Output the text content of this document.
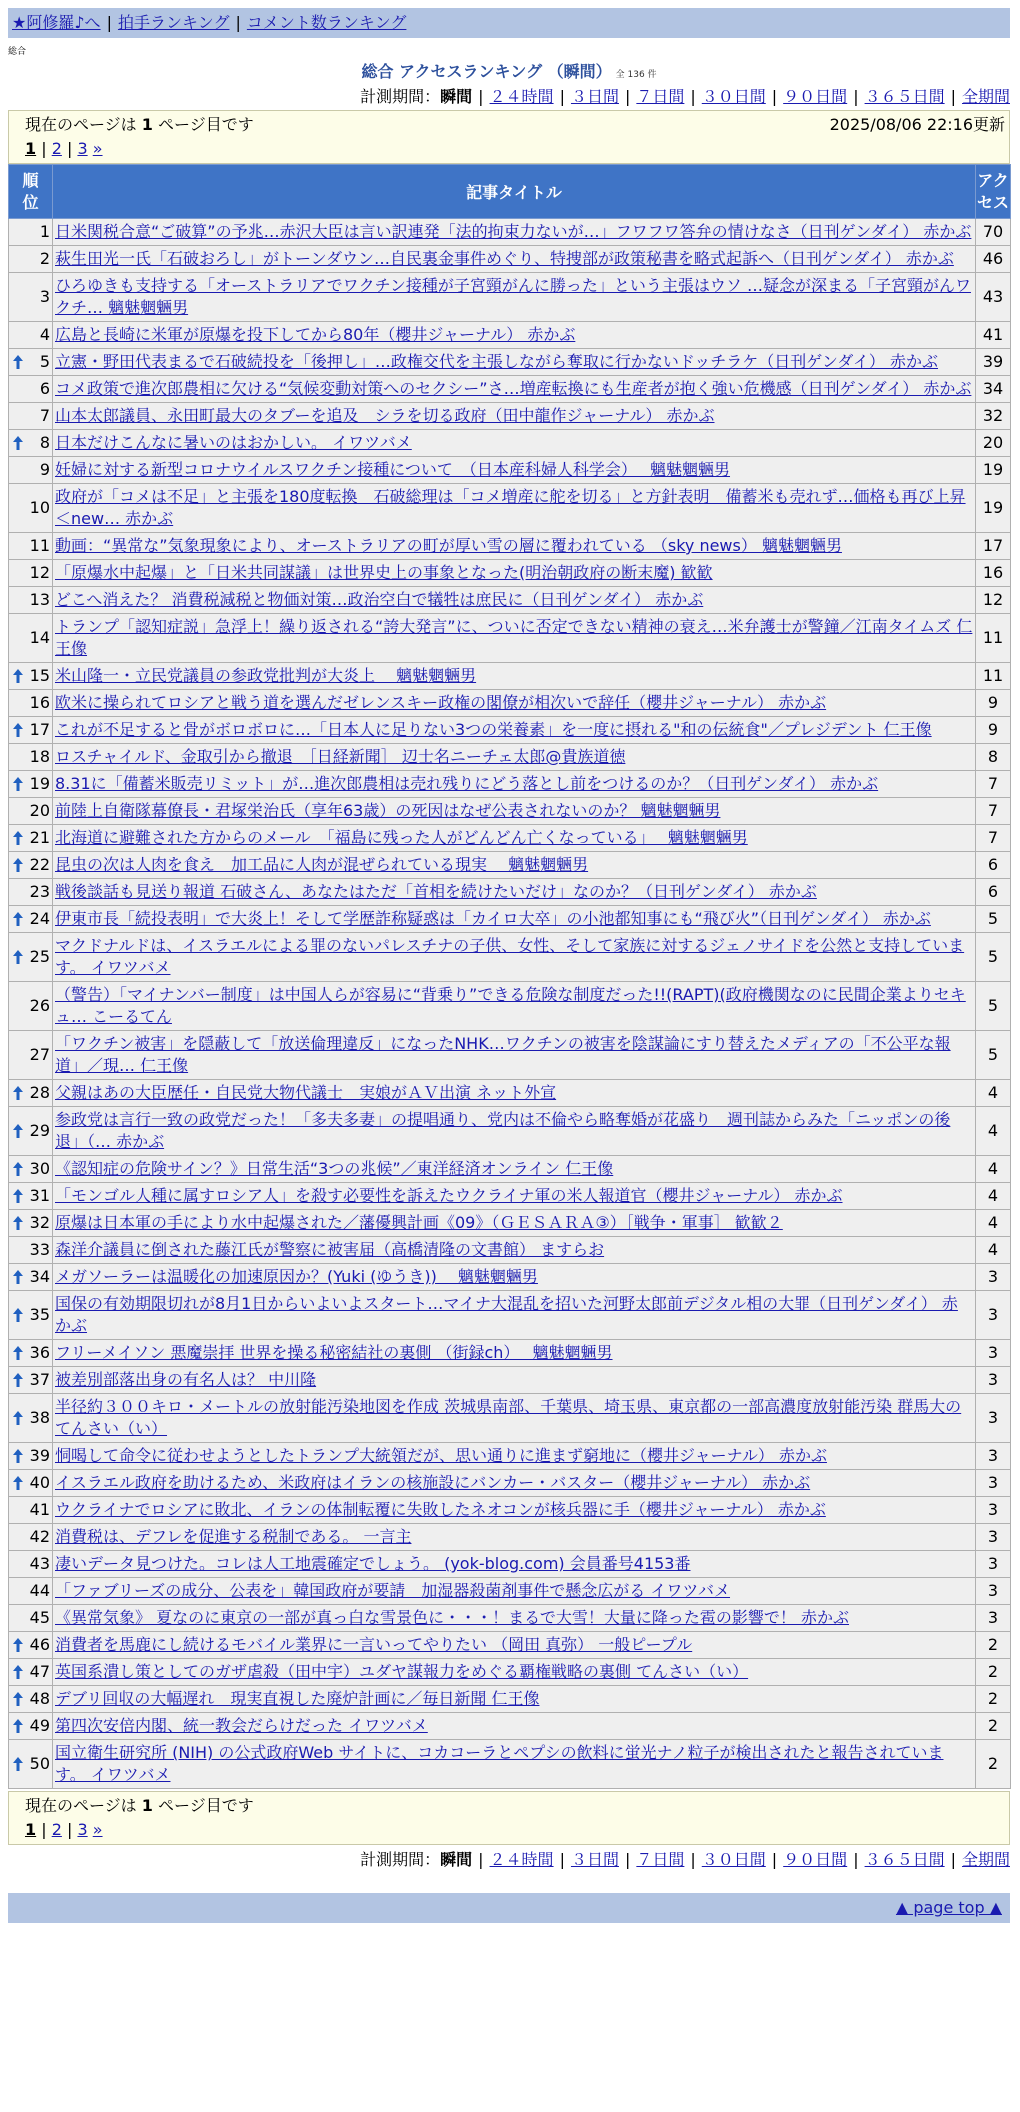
★阿修羅♪へ | 拍手ランキング | コメント数ランキング
総合
総合 アクセスランキング （瞬間） 全 136 件
計測期間：瞬間 | ２４時間 | ３日間 | ７日間 | ３０日間 | ９０日間 | ３６５日間 | 全期間
現在のページは 1 ページ目です	2025/08/06 22:16更新
1 | 2 | 3 »
順位	記事タイトル	アクセス
1	日米関税合意“ご破算”の予兆…赤沢大臣は言い訳連発「法的拘束力ないが…」フワフワ答弁の情けなさ（日刊ゲンダイ） 赤かぶ	70
2	萩生田光一氏「石破おろし」がトーンダウン…自民裏金事件めぐり、特捜部が政策秘書を略式起訴へ（日刊ゲンダイ） 赤かぶ	46
3	ひろゆきも支持する「オーストラリアでワクチン接種が子宮頸がんに勝った」という主張はウソ …疑念が深まる「子宮頸がんワクチ… 魑魅魍魎男	43
4	広島と長崎に米軍が原爆を投下してから80年（櫻井ジャーナル） 赤かぶ	41

5	立憲・野田代表まるで石破続投を「後押し」…政権交代を主張しながら奪取に行かないドッチラケ（日刊ゲンダイ） 赤かぶ	39
6	コメ政策で進次郎農相に欠ける“気候変動対策へのセクシー”さ…増産転換にも生産者が抱く強い危機感（日刊ゲンダイ） 赤かぶ	34
7	山本太郎議員、永田町最大のタブーを追及　シラを切る政府（田中龍作ジャーナル） 赤かぶ	32

8	日本だけこんなに暑いのはおかしい。 イワツバメ	20
9	妊婦に対する新型コロナウイルスワクチン接種について　（日本産科婦人科学会）　 魑魅魍魎男	19
10	政府が「コメは不足」と主張を180度転換　石破総理は「コメ増産に舵を切る」と方針表明　備蓄米も売れず…価格も再び上昇＜new… 赤かぶ	19
11	動画：“異常な”気象現象により、オーストラリアの町が厚い雪の層に覆われている （sky news） 魑魅魍魎男	17
12	「原爆水中起爆」と「日米共同謀議」は世界史上の事象となった(明治朝政府の断末魔) 歓歓	16
13	どこへ消えた？ 消費税減税と物価対策…政治空白で犠牲は庶民に（日刊ゲンダイ） 赤かぶ	12
14	トランプ「認知症説」急浮上！繰り返される“誇大発言”に、ついに否定できない精神の衰え…米弁護士が警鐘／江南タイムズ 仁王像	11

15	米山隆一・立民党議員の参政党批判が大炎上　 魑魅魍魎男	11
16	欧米に操られてロシアと戦う道を選んだゼレンスキー政権の閣僚が相次いで辞任（櫻井ジャーナル） 赤かぶ	9

17	これが不足すると骨がボロボロに…「日本人に足りない3つの栄養素」を一度に摂れる"和の伝統食"／プレジデント 仁王像	9
18	ロスチャイルド、金取引から撤退　［日経新聞］ 辺士名ニーチェ太郎@貴族道徳	8

19	8.31に「備蓄米販売リミット」が…進次郎農相は売れ残りにどう落とし前をつけるのか？（日刊ゲンダイ） 赤かぶ	7
20	前陸上自衛隊幕僚長・君塚栄治氏（享年63歳）の死因はなぜ公表されないのか？ 魑魅魍魎男	7

21	北海道に避難された方からのメール　「福島に残った人がどんどん亡くなっている」　 魑魅魍魎男	7

22	昆虫の次は人肉を食え　加工品に人肉が混ぜられている現実　 魑魅魍魎男	6
23	戦後談話も見送り報道 石破さん、あなたはただ「首相を続けたいだけ」なのか？（日刊ゲンダイ） 赤かぶ	6

24	伊東市長「続投表明」で大炎上！そして学歴詐称疑惑は「カイロ大卒」の小池都知事にも“飛び火”（日刊ゲンダイ） 赤かぶ	5

25	マクドナルドは、イスラエルによる罪のないパレスチナの子供、女性、そして家族に対するジェノサイドを公然と支持しています。 イワツバメ	5
26	（警告）「マイナンバー制度」は中国人らが容易に“背乗り”できる危険な制度だった!!(RAPT)(政府機関なのに民間企業よりセキュ… こーるてん	5
27	「ワクチン被害」を隠蔽して「放送倫理違反」になったNHK…ワクチンの被害を陰謀論にすり替えたメディアの「不公平な報道」／現… 仁王像	5

28	父親はあの大臣歴任・自民党大物代議士　実娘がＡＶ出演 ネット外宣	4

29	参政党は言行一致の政党だった！「多夫多妻」の提唱通り、党内は不倫やら略奪婚が花盛り　週刊誌からみた「ニッポンの後退」（… 赤かぶ	4

30	《認知症の危険サイン？》日常生活“3つの兆候”／東洋経済オンライン 仁王像	4

31	「モンゴル人種に属すロシア人」を殺す必要性を訴えたウクライナ軍の米人報道官（櫻井ジャーナル） 赤かぶ	4

32	原爆は日本軍の手により水中起爆された／藩優興計画《09》（ＧＥＳＡＲＡ③）［戦争・軍事］ 歓歓２	4
33	森洋介議員に倒された藤江氏が警察に被害届（高橋清隆の文書館） ますらお	4

34	メガソーラーは温暖化の加速原因か？(Yuki (ゆうき))　 魑魅魍魎男	3

35	国保の有効期限切れが8月1日からいよいよスタート…マイナ大混乱を招いた河野太郎前デジタル相の大罪（日刊ゲンダイ） 赤かぶ	3

36	フリーメイソン 悪魔崇拝 世界を操る秘密結社の裏側 （街録ch）　 魑魅魍魎男	3

37	被差別部落出身の有名人は？ 中川隆	3

38	半径約３００キロ・メートルの放射能汚染地図を作成 茨城県南部、千葉県、埼玉県、東京都の一部高濃度放射能汚染 群馬大のてんさい（い）	3

39	恫喝して命令に従わせようとしたトランプ大統領だが、思い通りに進まず窮地に（櫻井ジャーナル） 赤かぶ	3

40	イスラエル政府を助けるため、米政府はイランの核施設にバンカー・バスター（櫻井ジャーナル） 赤かぶ	3
41	ウクライナでロシアに敗北、イランの体制転覆に失敗したネオコンが核兵器に手（櫻井ジャーナル） 赤かぶ	3
42	消費税は、デフレを促進する税制である。 一言主	3
43	凄いデータ見つけた。コレは人工地震確定でしょう。 (yok-blog.com) 会員番号4153番	3
44	「ファブリーズの成分、公表を」韓国政府が要請　加湿器殺菌剤事件で懸念広がる イワツバメ	3
45	《異常気象》 夏なのに東京の一部が真っ白な雪景色に・・・！まるで大雪！大量に降った雹の影響で！ 赤かぶ	3

46	消費者を馬鹿にし続けるモバイル業界に一言いってやりたい （岡田 真弥） 一般ピープル	2

47	英国系潰し策としてのガザ虐殺（田中宇）ユダヤ謀報力をめぐる覇権戦略の裏側 てんさい（い）	2

48	デブリ回収の大幅遅れ　現実直視した廃炉計画に／毎日新聞 仁王像	2

49	第四次安倍内閣、統一教会だらけだった イワツバメ	2

50	国立衛生研究所 (NIH) の公式政府Web サイトに、コカコーラとペプシの飲料に蛍光ナノ粒子が検出されたと報告されています。 イワツバメ	2
現在のページは 1 ページ目です
1 | 2 | 3 »
計測期間：瞬間 | ２４時間 | ３日間 | ７日間 | ３０日間 | ９０日間 | ３６５日間 | 全期間
▲ page top ▲
